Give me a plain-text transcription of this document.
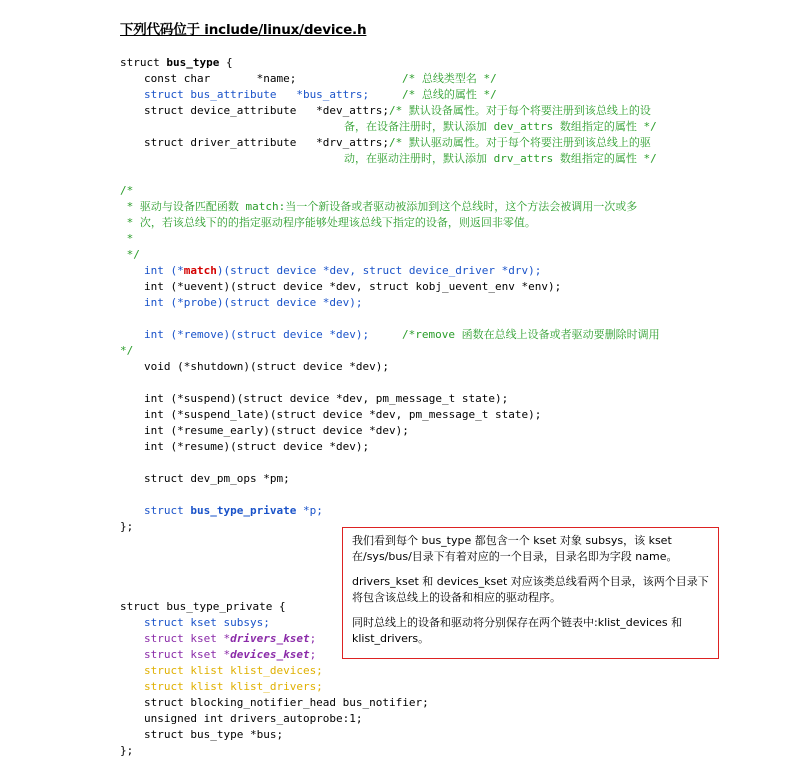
下列代码位于 include/linux/device.h
struct bus_type {
const char       *name;	/* 总线类型名 */
struct bus_attribute   *bus_attrs;	/* 总线的属性 */
struct device_attribute   *dev_attrs; /* 默认设备属性。对于每个将要注册到该总线上的设
备，在设备注册时，默认添加 dev_attrs 数组指定的属性 */
struct driver_attribute   *drv_attrs; /* 默认驱动属性。对于每个将要注册到该总线上的驱
动，在驱动注册时，默认添加 drv_attrs 数组指定的属性 */
/*
* 驱动与设备匹配函数 match:当一个新设备或者驱动被添加到这个总线时，这个方法会被调用一次或多
* 次，若该总线下的的指定驱动程序能够处理该总线下指定的设备，则返回非零值。
*
*/
int (*match)(struct device *dev, struct device_driver *drv);
int (*uevent)(struct device *dev, struct kobj_uevent_env *env);
int (*probe)(struct device *dev);
int (*remove)(struct device *dev);	/*remove 函数在总线上设备或者驱动要删除时调用
*/
void (*shutdown)(struct device *dev);
int (*suspend)(struct device *dev, pm_message_t state);
int (*suspend_late)(struct device *dev, pm_message_t state);
int (*resume_early)(struct device *dev);
int (*resume)(struct device *dev);
struct dev_pm_ops *pm;
struct bus_type_private *p;
};

我们看到每个 bus_type 都包含一个 kset 对象 subsys，该 kset 在/sys/bus/目录下有着对应的一个目录，目录名即为字段 name。

drivers_kset 和 devices_kset 对应该类总线看两个目录，该两个目录下将包含该总线上的设备和相应的驱动程序。

同时总线上的设备和驱动将分别保存在两个链表中:klist_devices 和 klist_drivers。

struct bus_type_private {
struct kset subsys;
struct kset *drivers_kset;
struct kset *devices_kset;
struct klist klist_devices;
struct klist klist_drivers;
struct blocking_notifier_head bus_notifier;
unsigned int drivers_autoprobe:1;
struct bus_type *bus;
};
